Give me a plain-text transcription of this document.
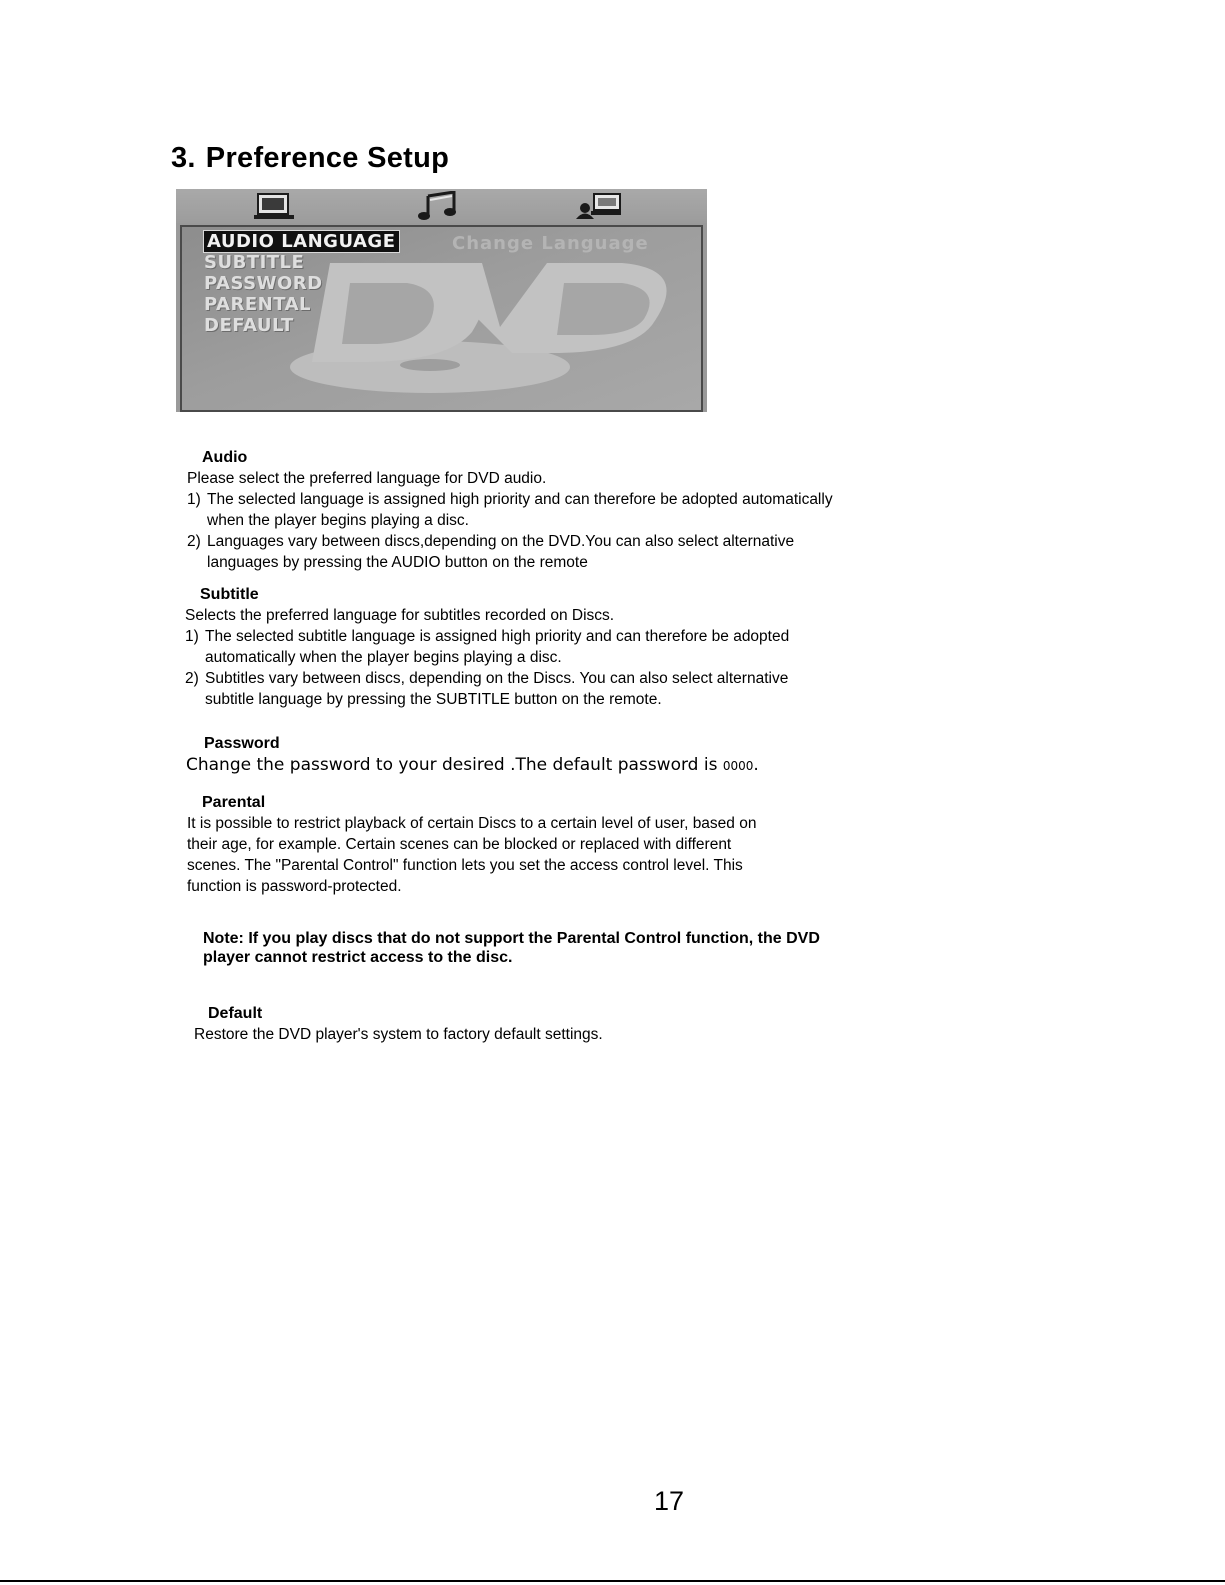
3. Preference Setup
AUDIO LANGUAGE
SUBTITLE
PASSWORD
PARENTAL
DEFAULT
Change Language

Audio

Please select the preferred language for DVD audio.

1) The selected language is assigned high priority and can therefore be adopted automatically

when the player begins playing a disc.

2) Languages vary between discs,depending on the DVD.You can also select alternative

languages by pressing the AUDIO button on the remote

Subtitle

Selects the preferred language for subtitles recorded on Discs.

1) The selected subtitle language is assigned high priority and can therefore be adopted

automatically when the player begins playing a disc.

2) Subtitles vary between discs, depending on the Discs. You can also select alternative

subtitle language by pressing the SUBTITLE button on the remote.

Password

Change the password to your desired .The default password is 0000.

Parental

It is possible to restrict playback of certain Discs to a certain level of user, based on

their age, for example. Certain scenes can be blocked or replaced with different

scenes. The "Parental Control" function lets you set the access control level. This

function is password-protected.

Note: If you play discs that do not support the Parental Control function, the DVD

player cannot restrict access to the disc.

Default

Restore the DVD player's system to factory default settings.

17
